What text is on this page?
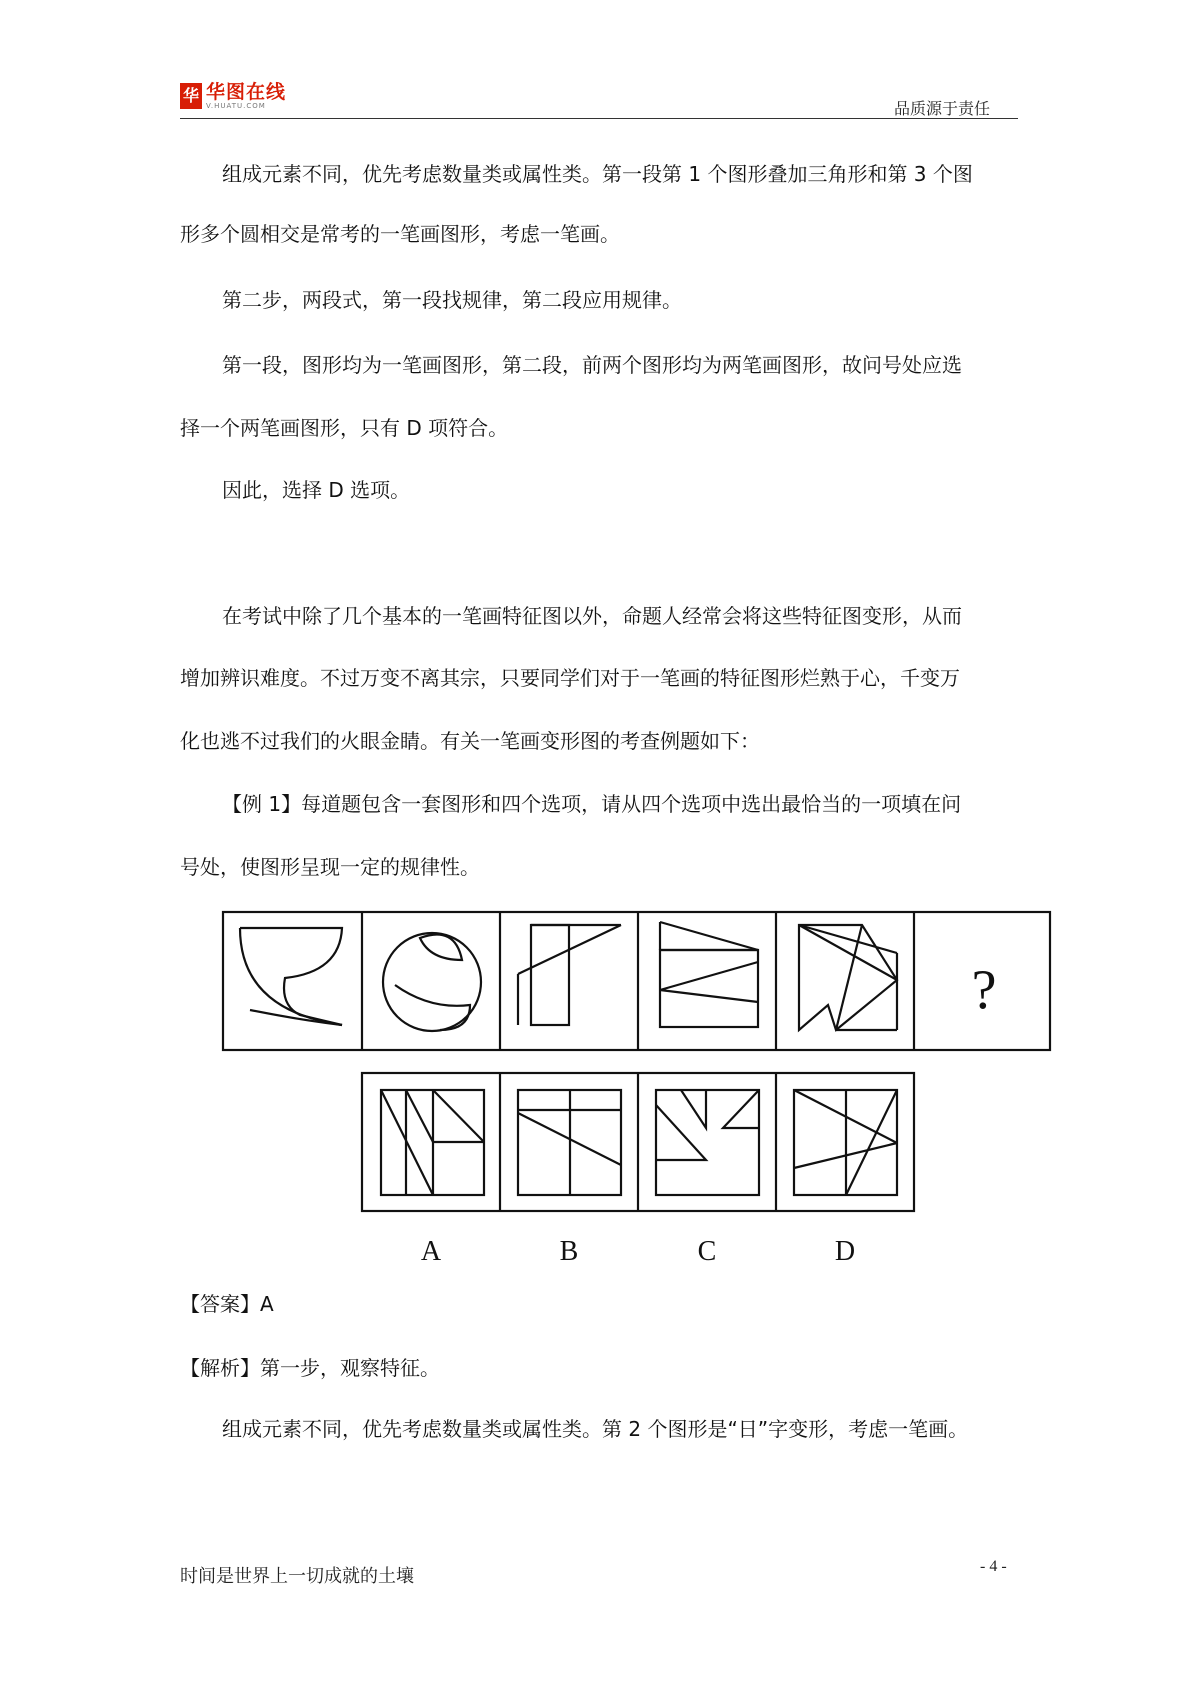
华 华图在线
V.HUATU.COM	品质源于责任
组成元素不同，优先考虑数量类或属性类。第一段第 1 个图形叠加三角形和第 3 个图
形多个圆相交是常考的一笔画图形，考虑一笔画。
第二步，两段式，第一段找规律，第二段应用规律。
第一段，图形均为一笔画图形，第二段，前两个图形均为两笔画图形，故问号处应选
择一个两笔画图形，只有 D 项符合。
因此，选择 D 选项。
在考试中除了几个基本的一笔画特征图以外，命题人经常会将这些特征图变形，从而
增加辨识难度。不过万变不离其宗，只要同学们对于一笔画的特征图形烂熟于心，千变万
化也逃不过我们的火眼金睛。有关一笔画变形图的考查例题如下：
【例 1】每道题包含一套图形和四个选项，请从四个选项中选出最恰当的一项填在问
号处，使图形呈现一定的规律性。
?
A	B	C	D
【答案】A
【解析】第一步，观察特征。
组成元素不同，优先考虑数量类或属性类。第 2 个图形是“日”字变形，考虑一笔画。
时间是世界上一切成就的土壤	- 4 -
